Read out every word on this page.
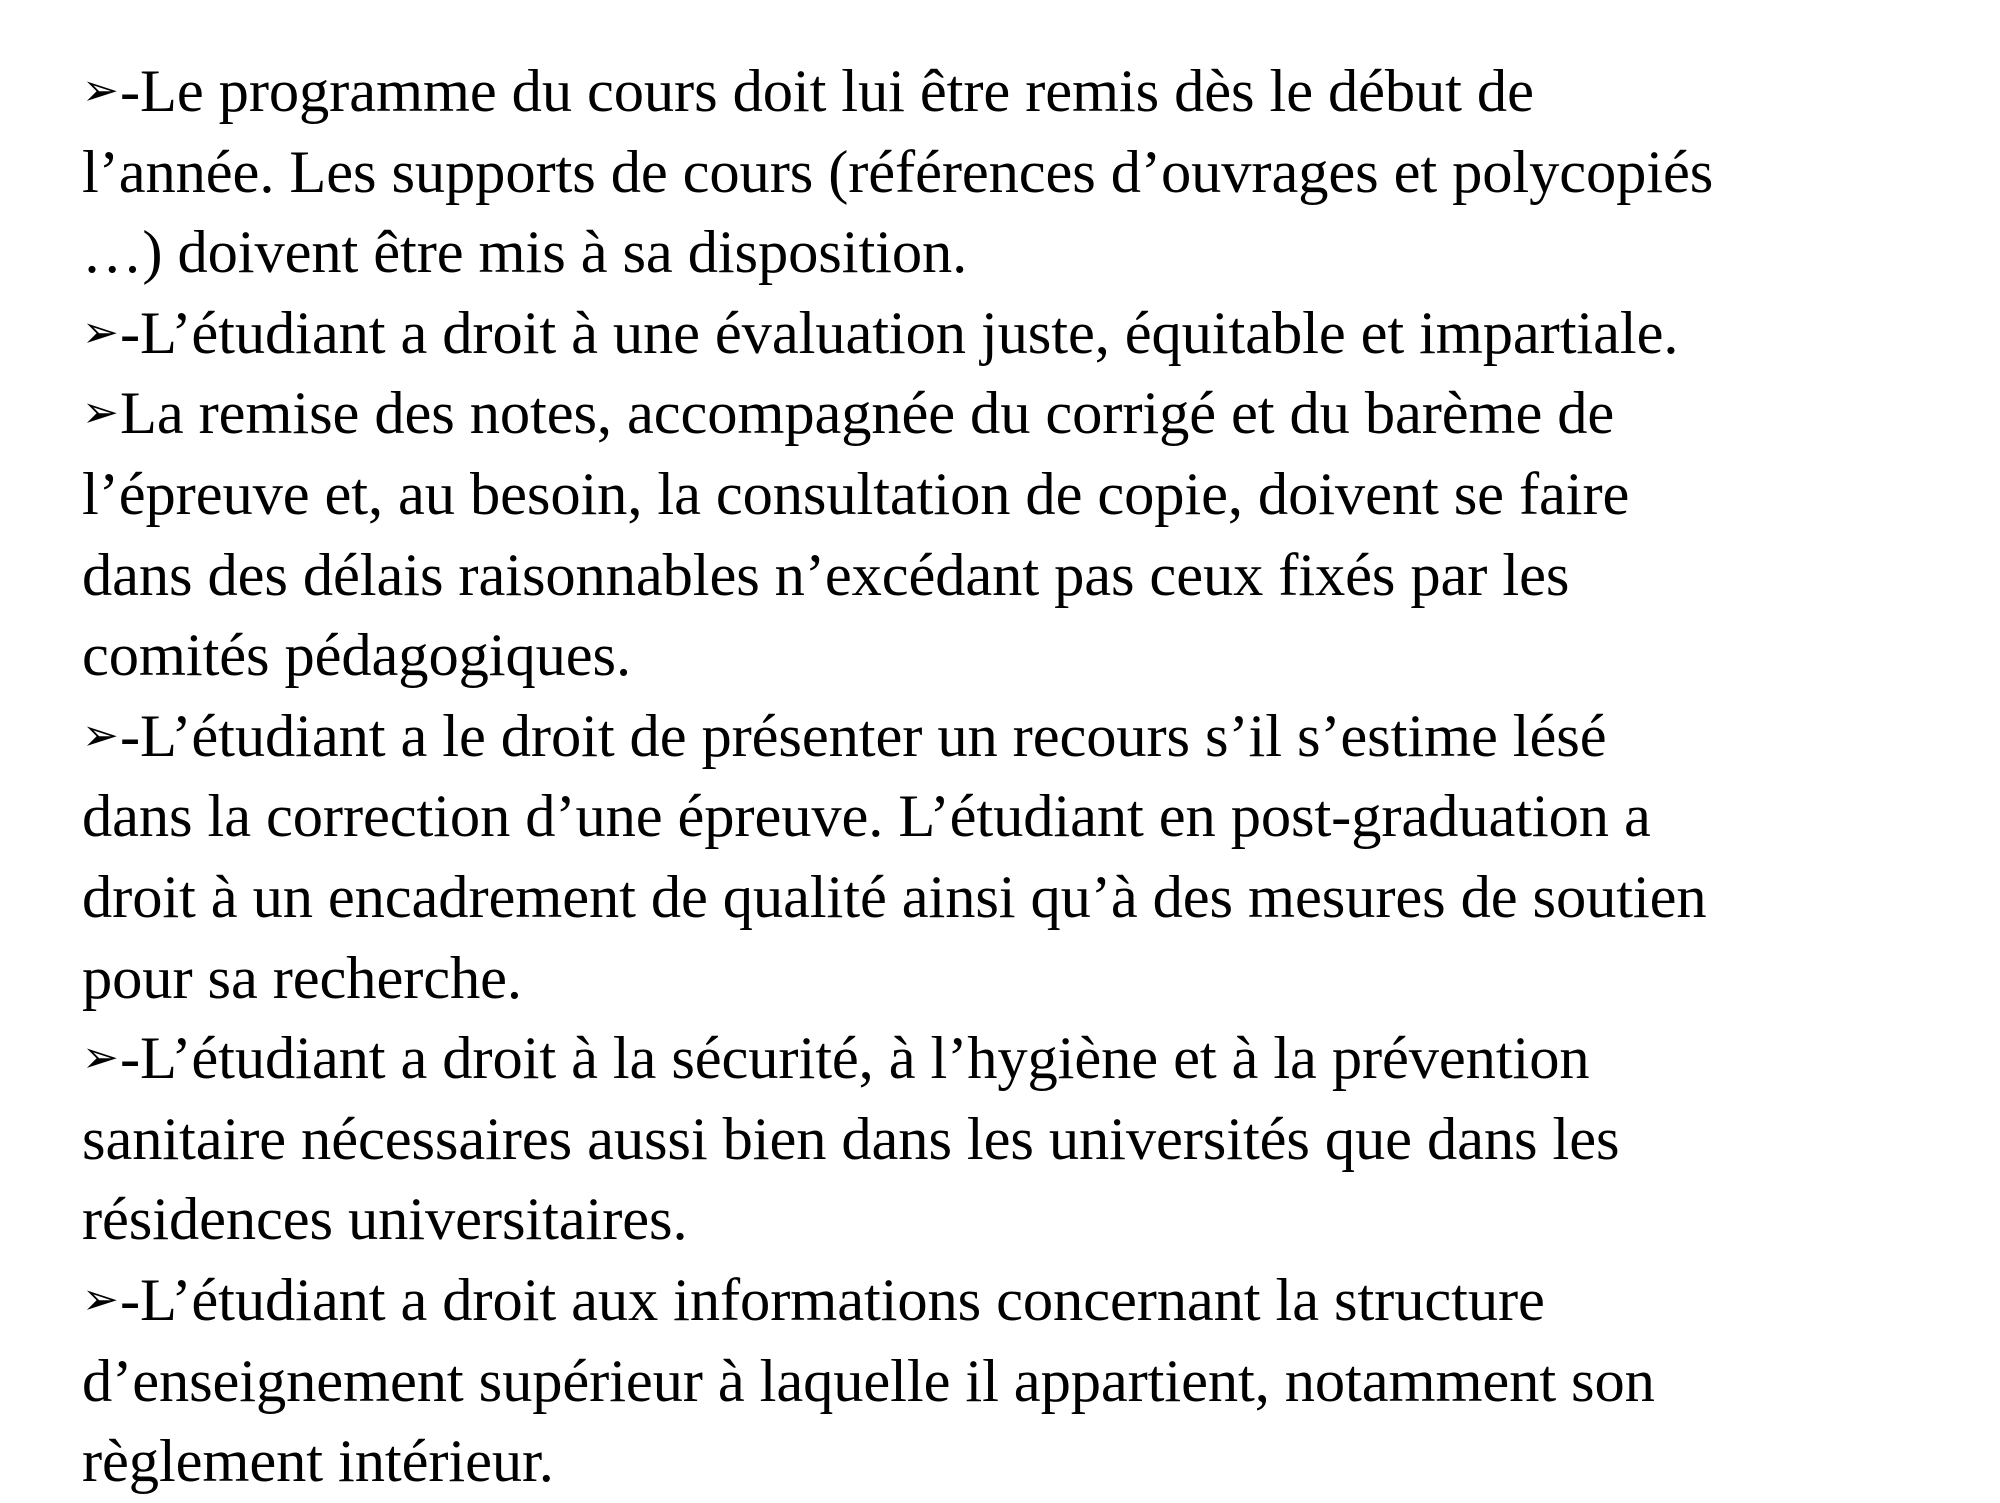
➢-Le programme du cours doit lui être remis dès le début de
l’année. Les supports de cours (références d’ouvrages et polycopiés
…) doivent être mis à sa disposition.
➢-L’étudiant a droit à une évaluation juste, équitable et impartiale.
➢La remise des notes, accompagnée du corrigé et du barème de
l’épreuve et, au besoin, la consultation de copie, doivent se faire
dans des délais raisonnables n’excédant pas ceux fixés par les
comités pédagogiques.
➢-L’étudiant a le droit de présenter un recours s’il s’estime lésé
dans la correction d’une épreuve. L’étudiant en post-graduation a
droit à un encadrement de qualité ainsi qu’à des mesures de soutien
pour sa recherche.
➢-L’étudiant a droit à la sécurité, à l’hygiène et à la prévention
sanitaire nécessaires aussi bien dans les universités que dans les
résidences universitaires.
➢-L’étudiant a droit aux informations concernant la structure
d’enseignement supérieur à laquelle il appartient, notamment son
règlement intérieur.
